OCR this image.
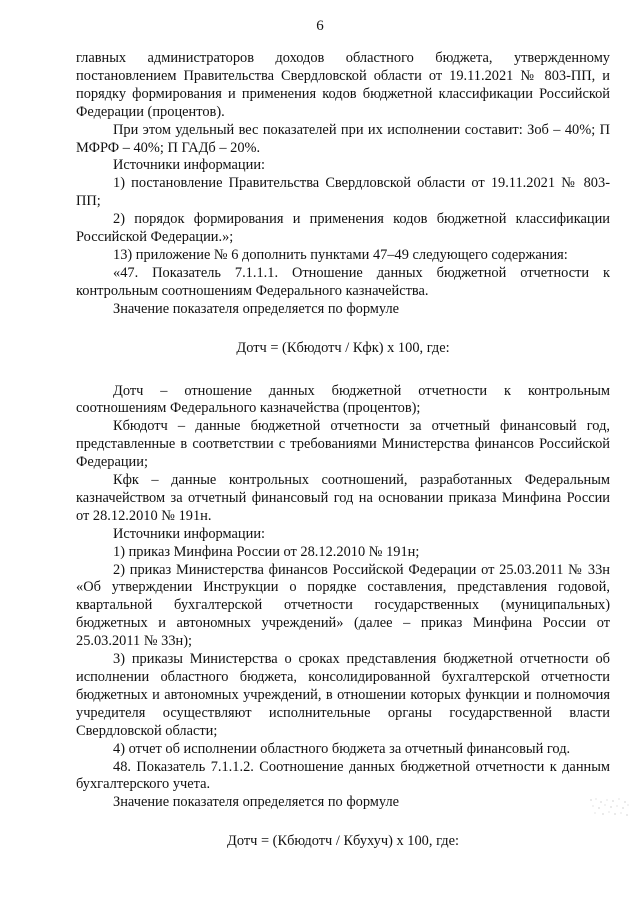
6

главных администраторов доходов областного бюджета, утвержденному постановлением Правительства Свердловской области от 19.11.2021 № 803-ПП, и порядку формирования и применения кодов бюджетной классификации Российской Федерации (процентов).

При этом удельный вес показателей при их исполнении составит: Зоб – 40%; П МФРФ – 40%; П ГАДб – 20%.

Источники информации:

1) постановление Правительства Свердловской области от 19.11.2021 № 803-ПП;

2) порядок формирования и применения кодов бюджетной классификации Российской Федерации.»;

13) приложение № 6 дополнить пунктами 47–49 следующего содержания:

«47. Показатель 7.1.1.1. Отношение данных бюджетной отчетности к контрольным соотношениям Федерального казначейства.

Значение показателя определяется по формуле

Дотч = (Кбюдотч / Кфк) x 100, где:

Дотч – отношение данных бюджетной отчетности к контрольным соотношениям Федерального казначейства (процентов);

Кбюдотч – данные бюджетной отчетности за отчетный финансовый год, представленные в соответствии с требованиями Министерства финансов Российской Федерации;

Кфк – данные контрольных соотношений, разработанных Федеральным казначейством за отчетный финансовый год на основании приказа Минфина России от 28.12.2010 № 191н.

Источники информации:

1) приказ Минфина России от 28.12.2010 № 191н;

2) приказ Министерства финансов Российской Федерации от 25.03.2011 № 33н «Об утверждении Инструкции о порядке составления, представления годовой, квартальной бухгалтерской отчетности государственных (муниципальных) бюджетных и автономных учреждений» (далее – приказ Минфина России от 25.03.2011 № 33н);

3) приказы Министерства о сроках представления бюджетной отчетности об исполнении областного бюджета, консолидированной бухгалтерской отчетности бюджетных и автономных учреждений, в отношении которых функции и полномочия учредителя осуществляют исполнительные органы государственной власти Свердловской области;

4) отчет об исполнении областного бюджета за отчетный финансовый год.

48. Показатель 7.1.1.2. Соотношение данных бюджетной отчетности к данным бухгалтерского учета.

Значение показателя определяется по формуле

Дотч = (Кбюдотч / Кбухуч) x 100, где:
